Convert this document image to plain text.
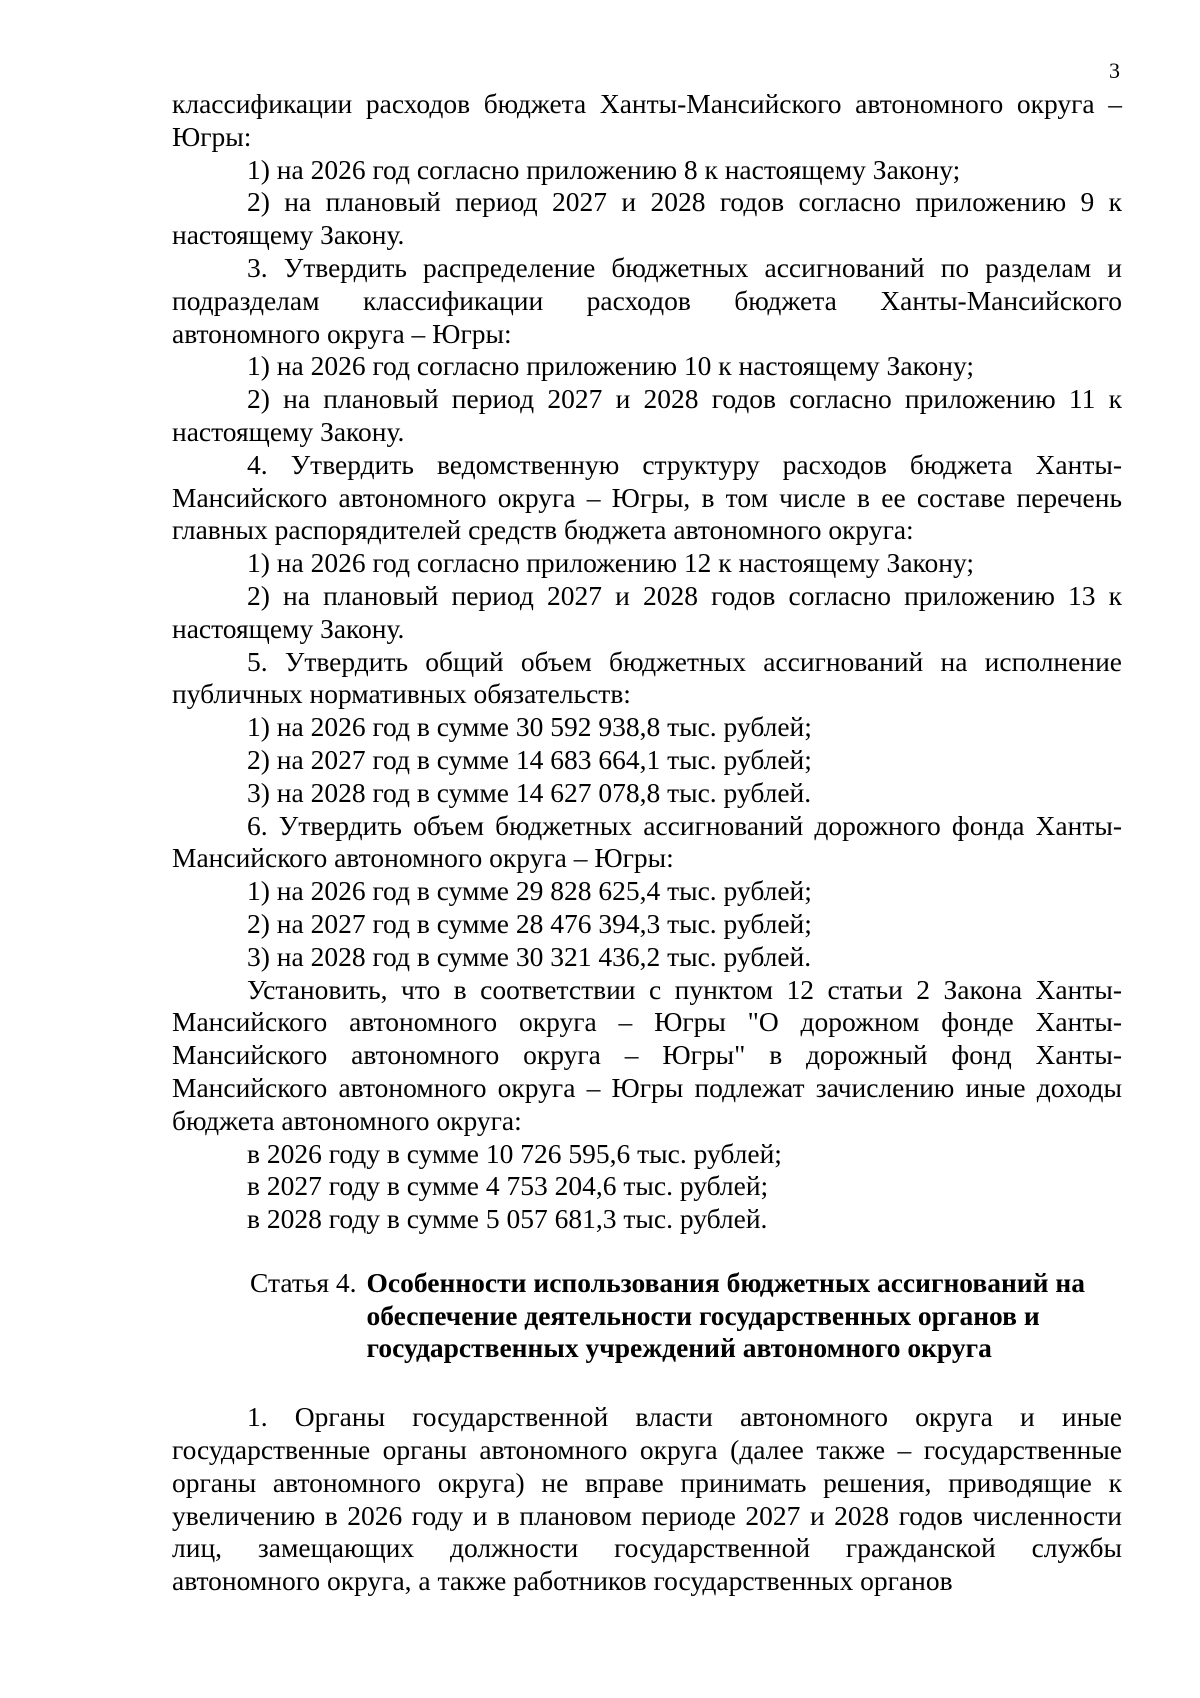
3

классификации расходов бюджета Ханты-Мансийского автономного округа – Югры:

1) на 2026 год согласно приложению 8 к настоящему Закону;

2) на плановый период 2027 и 2028 годов согласно приложению 9 к настоящему Закону.

3. Утвердить распределение бюджетных ассигнований по разделам и подразделам классификации расходов бюджета Ханты-Мансийского автономного округа – Югры:

1) на 2026 год согласно приложению 10 к настоящему Закону;

2) на плановый период 2027 и 2028 годов согласно приложению 11 к настоящему Закону.

4. Утвердить ведомственную структуру расходов бюджета Ханты-Мансийского автономного округа – Югры, в том числе в ее составе перечень главных распорядителей средств бюджета автономного округа:

1) на 2026 год согласно приложению 12 к настоящему Закону;

2) на плановый период 2027 и 2028 годов согласно приложению 13 к настоящему Закону.

5. Утвердить общий объем бюджетных ассигнований на исполнение публичных нормативных обязательств:

1) на 2026 год в сумме 30 592 938,8 тыс. рублей;

2) на 2027 год в сумме 14 683 664,1 тыс. рублей;

3) на 2028 год в сумме 14 627 078,8 тыс. рублей.

6. Утвердить объем бюджетных ассигнований дорожного фонда Ханты-Мансийского автономного округа – Югры:

1) на 2026 год в сумме 29 828 625,4 тыс. рублей;

2) на 2027 год в сумме 28 476 394,3 тыс. рублей;

3) на 2028 год в сумме 30 321 436,2 тыс. рублей.

Установить, что в соответствии с пунктом 12 статьи 2 Закона Ханты-Мансийского автономного округа – Югры "О дорожном фонде Ханты-Мансийского автономного округа – Югры" в дорожный фонд Ханты-Мансийского автономного округа – Югры подлежат зачислению иные доходы бюджета автономного округа:

в 2026 году в сумме 10 726 595,6 тыс. рублей;

в 2027 году в сумме 4 753 204,6 тыс. рублей;

в 2028 году в сумме 5 057 681,3 тыс. рублей.

Статья 4. Особенности использования бюджетных ассигнований на обеспечение деятельности государственных органов и государственных учреждений автономного округа

1. Органы государственной власти автономного округа и иные государственные органы автономного округа (далее также – государственные органы автономного округа) не вправе принимать решения, приводящие к увеличению в 2026 году и в плановом периоде 2027 и 2028 годов численности лиц, замещающих должности государственной гражданской службы автономного округа, а также работников государственных органов
